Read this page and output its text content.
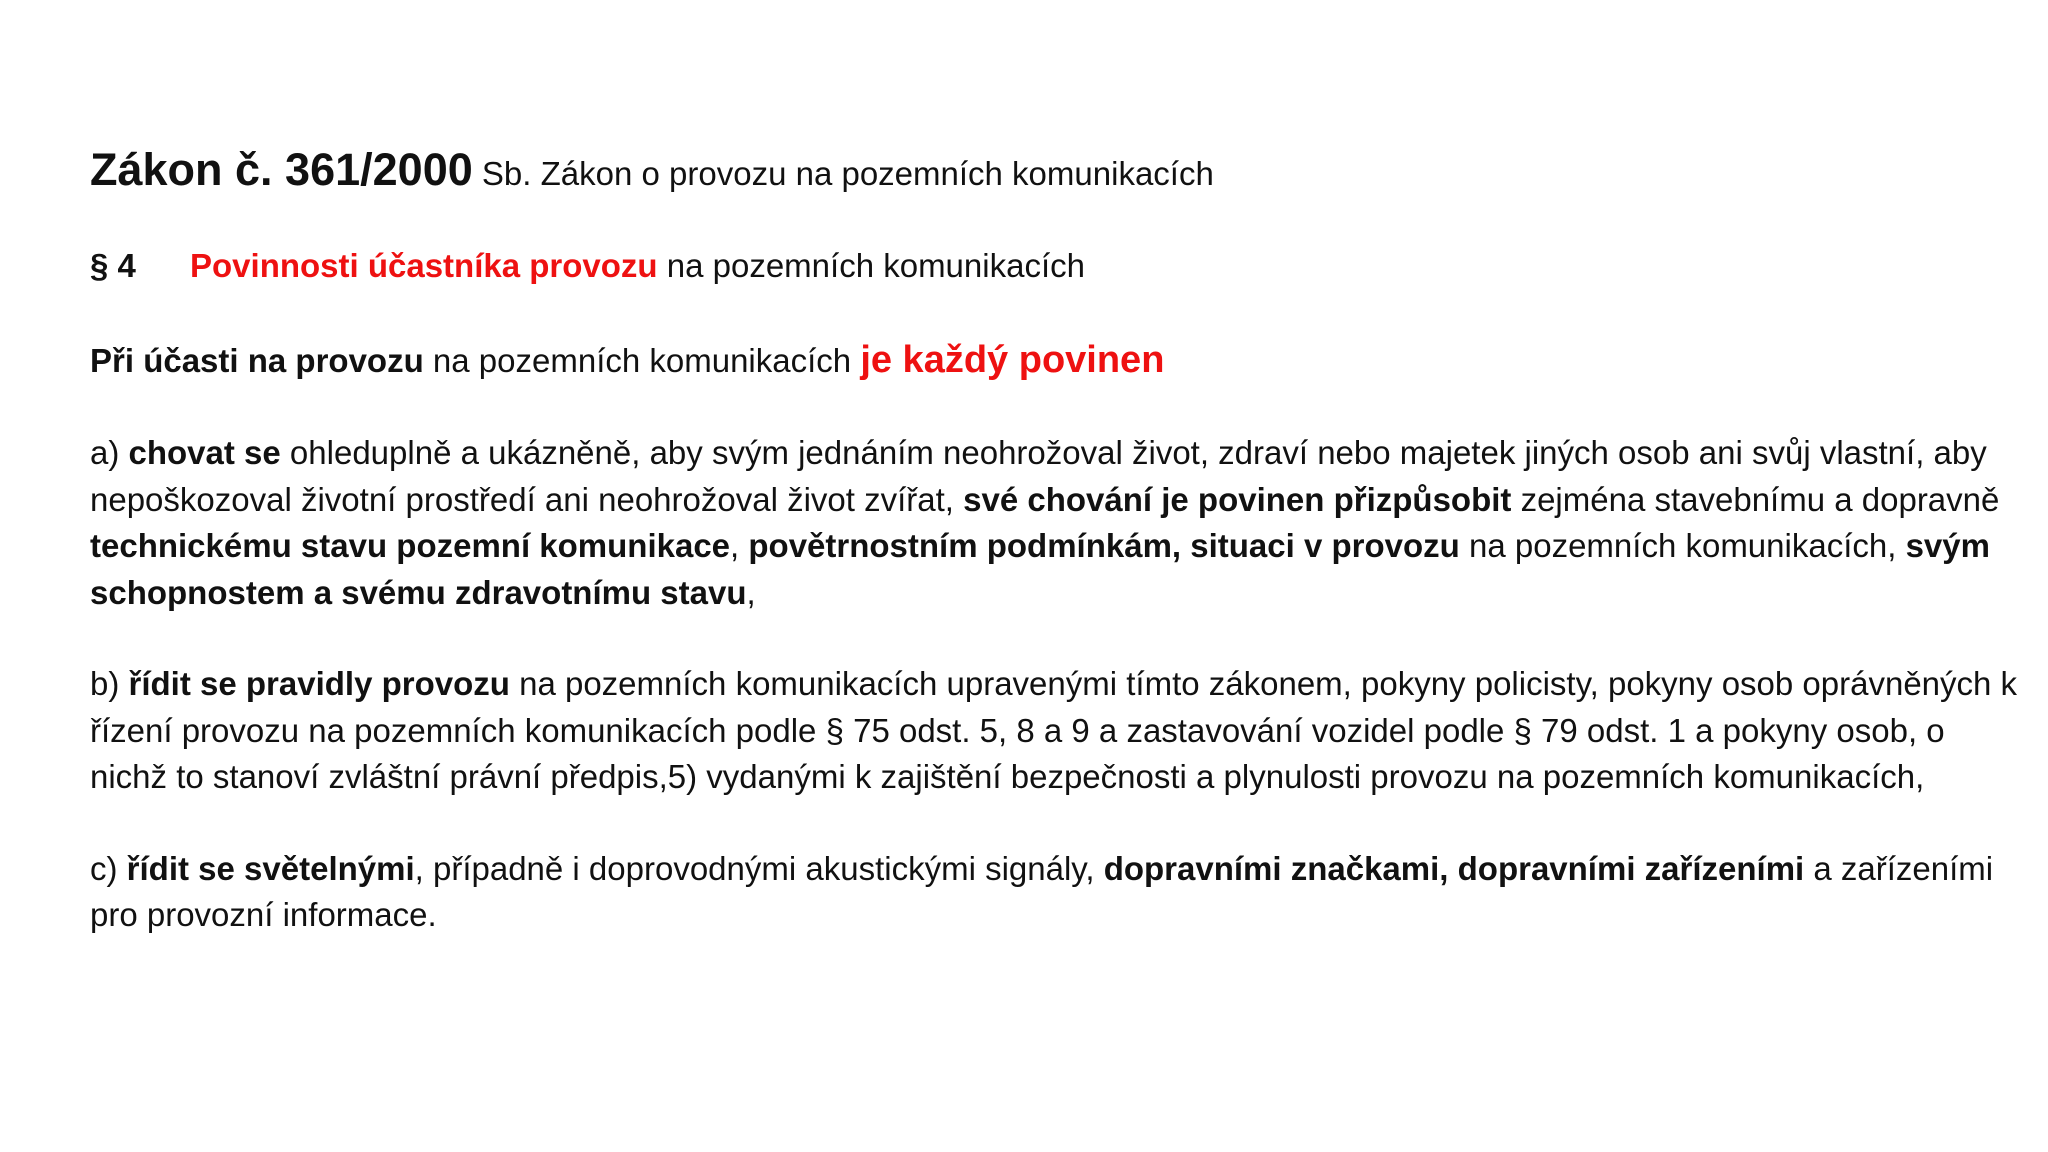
Zákon č. 361/2000 Sb. Zákon o provozu na pozemních komunikacích
§ 4 Povinnosti účastníka provozu na pozemních komunikacích
Při účasti na provozu na pozemních komunikacích je každý povinen

a) chovat se ohleduplně a ukázněně, aby svým jednáním neohrožoval život, zdraví nebo majetek jiných osob ani svůj vlastní, aby nepoškozoval životní prostředí ani neohrožoval život zvířat, své chování je povinen přizpůsobit zejména stavebnímu a dopravně technickému stavu pozemní komunikace, povětrnostním podmínkám, situaci v provozu na pozemních komunikacích, svým schopnostem a svému zdravotnímu stavu,

b) řídit se pravidly provozu na pozemních komunikacích upravenými tímto zákonem, pokyny policisty, pokyny osob oprávněných k řízení provozu na pozemních komunikacích podle § 75 odst. 5, 8 a 9 a zastavování vozidel podle § 79 odst. 1 a pokyny osob, o nichž to stanoví zvláštní právní předpis,5) vydanými k zajištění bezpečnosti a plynulosti provozu na pozemních komunikacích,

c) řídit se světelnými, případně i doprovodnými akustickými signály, dopravními značkami, dopravními zařízeními a zařízeními pro provozní informace.
